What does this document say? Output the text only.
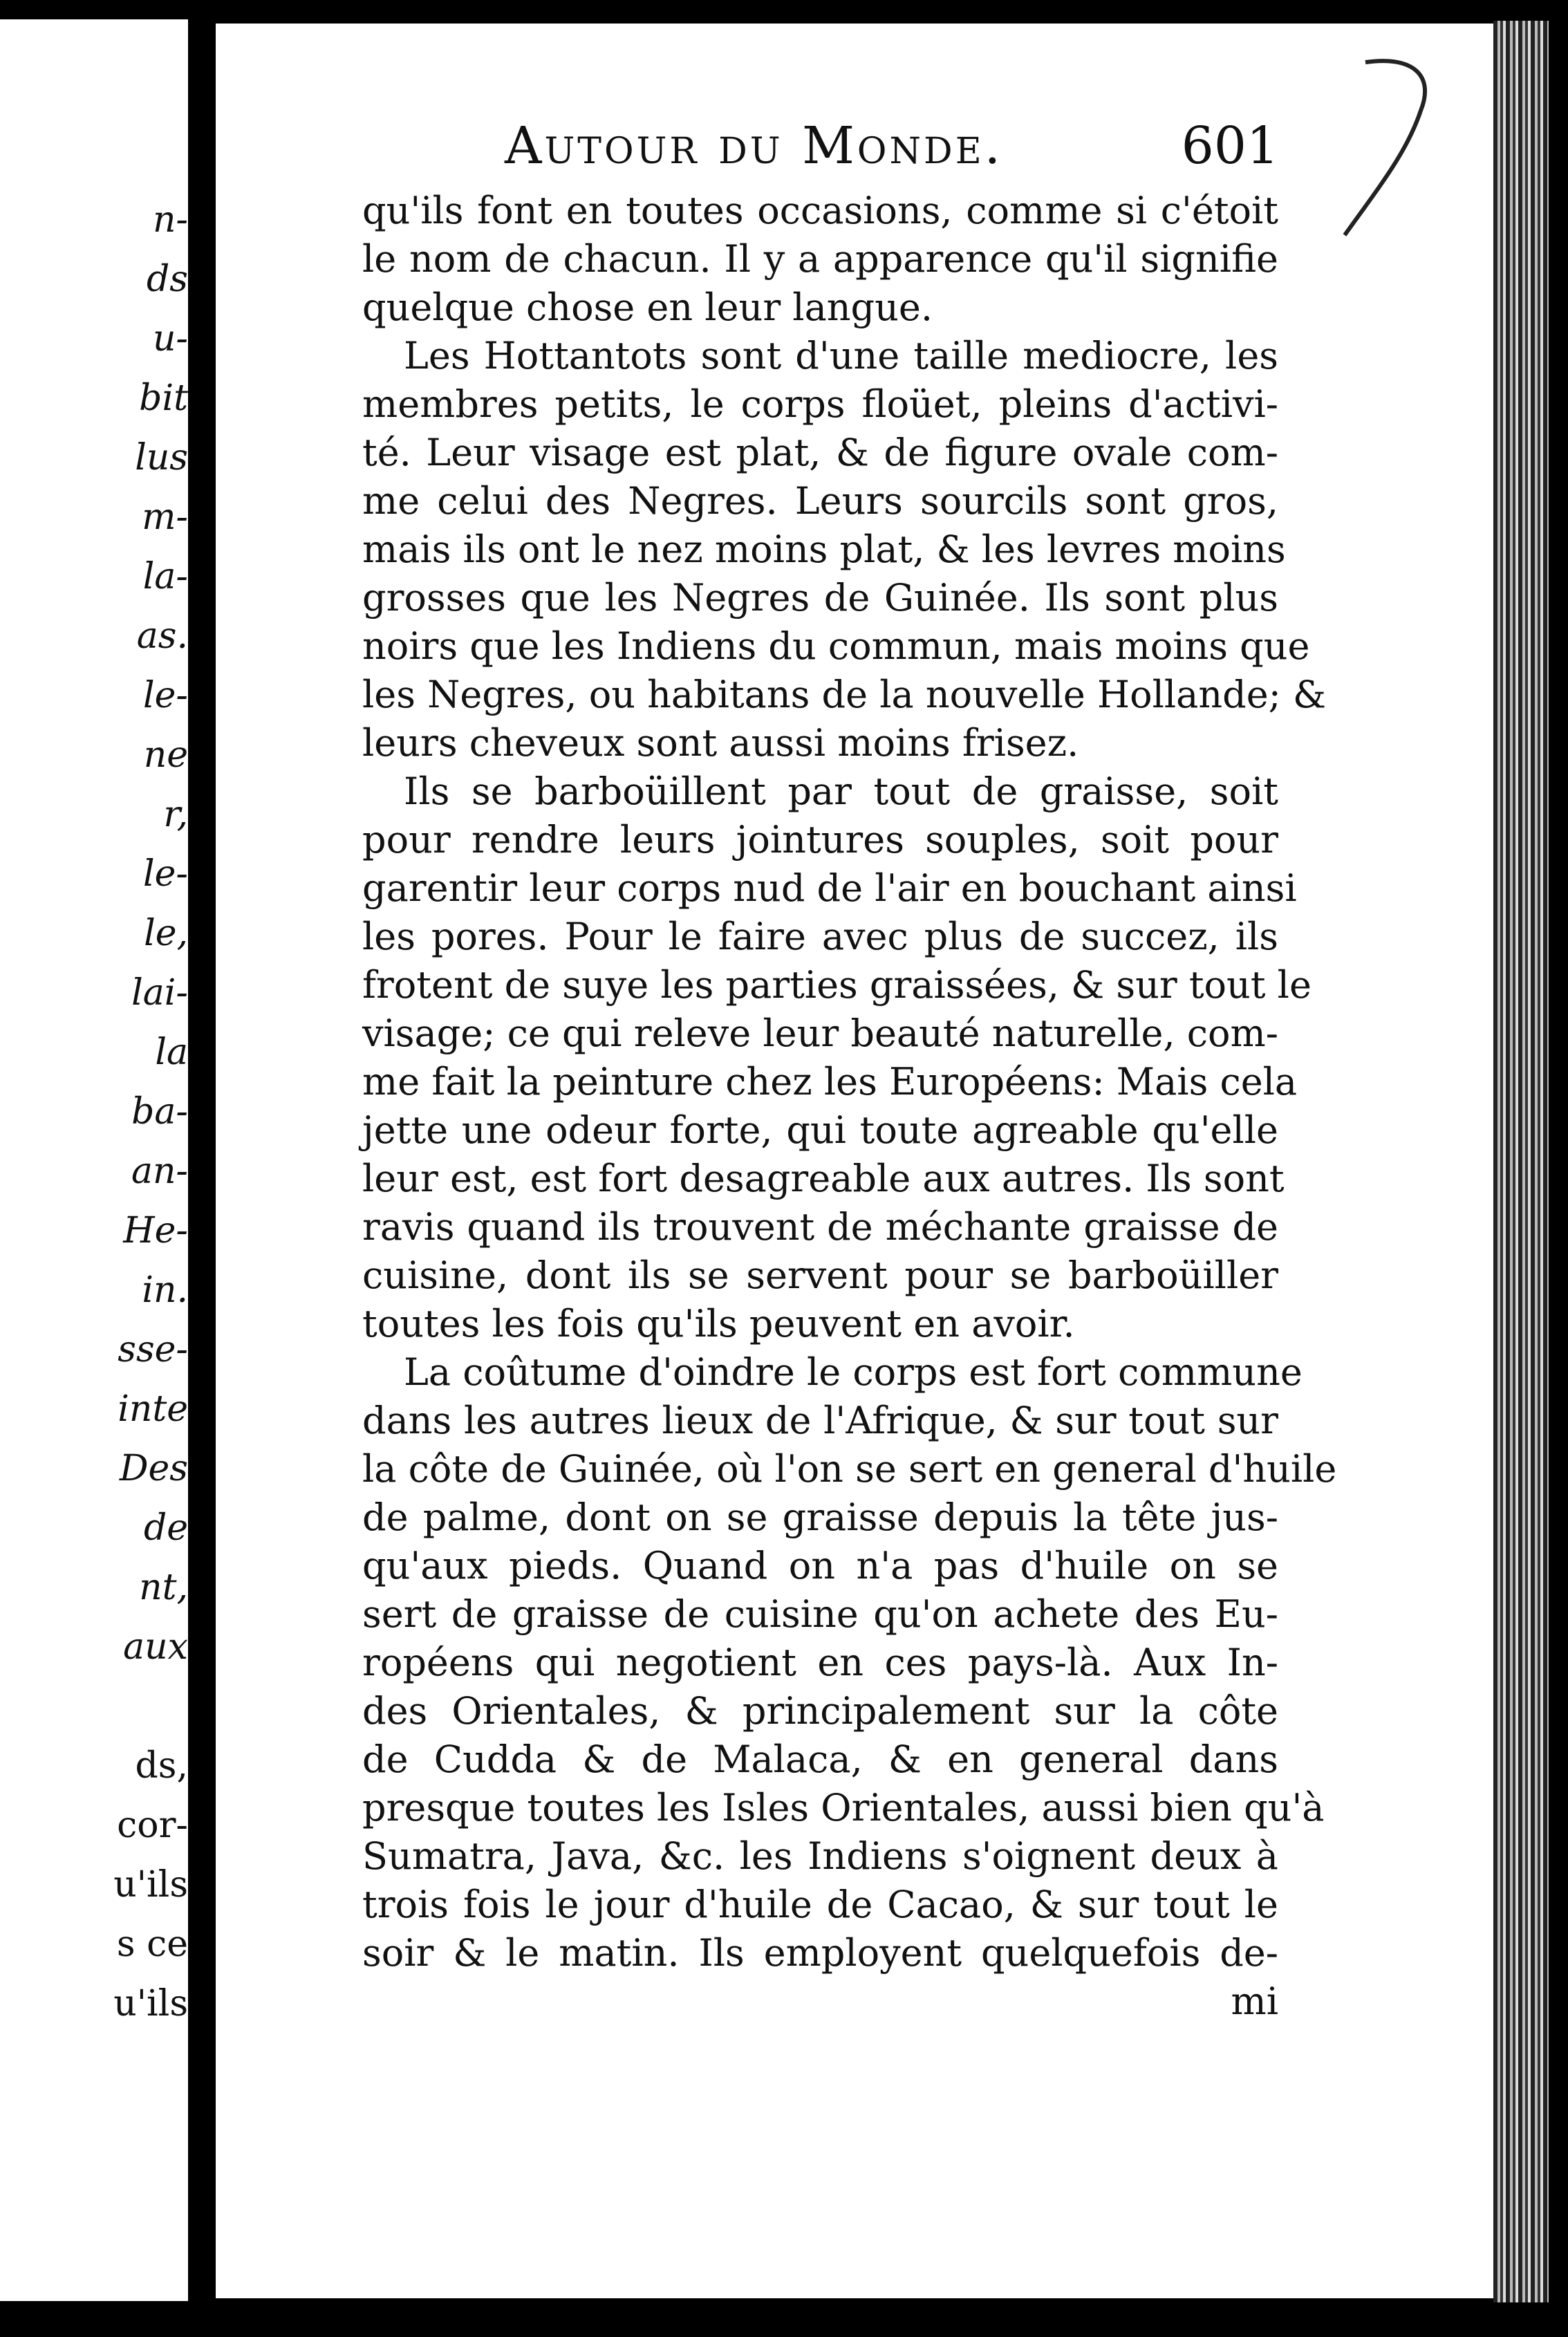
n-
ds
u-
bit
lus
m-
la-
as.
le-
ne
r,
le-
le,
lai-
la
ba-
an-
He-
in.
sse-
inte
Des
de
nt,
aux
ds,
cor-
u'ils
s ce
u'ils
Autour du Monde.	601
qu'ils font en toutes occasions, comme si c'étoit
le nom de chacun. Il y a apparence qu'il signifie
quelque chose en leur langue.
Les Hottantots sont d'une taille mediocre, les
membres petits, le corps floüet, pleins d'activi-
té. Leur visage est plat, & de figure ovale com-
me celui des Negres. Leurs sourcils sont gros,
mais ils ont le nez moins plat, & les levres moins
grosses que les Negres de Guinée. Ils sont plus
noirs que les Indiens du commun, mais moins que
les Negres, ou habitans de la nouvelle Hollande; &
leurs cheveux sont aussi moins frisez.
Ils se barboüillent par tout de graisse, soit
pour rendre leurs jointures souples, soit pour
garentir leur corps nud de l'air en bouchant ainsi
les pores. Pour le faire avec plus de succez, ils
frotent de suye les parties graissées, & sur tout le
visage; ce qui releve leur beauté naturelle, com-
me fait la peinture chez les Européens: Mais cela
jette une odeur forte, qui toute agreable qu'elle
leur est, est fort desagreable aux autres. Ils sont
ravis quand ils trouvent de méchante graisse de
cuisine, dont ils se servent pour se barboüiller
toutes les fois qu'ils peuvent en avoir.
La coûtume d'oindre le corps est fort commune
dans les autres lieux de l'Afrique, & sur tout sur
la côte de Guinée, où l'on se sert en general d'huile
de palme, dont on se graisse depuis la tête jus-
qu'aux pieds. Quand on n'a pas d'huile on se
sert de graisse de cuisine qu'on achete des Eu-
ropéens qui negotient en ces pays-là. Aux In-
des Orientales, & principalement sur la côte
de Cudda & de Malaca, & en general dans
presque toutes les Isles Orientales, aussi bien qu'à
Sumatra, Java, &c. les Indiens s'oignent deux à
trois fois le jour d'huile de Cacao, & sur tout le
soir & le matin. Ils employent quelquefois de-
mi
